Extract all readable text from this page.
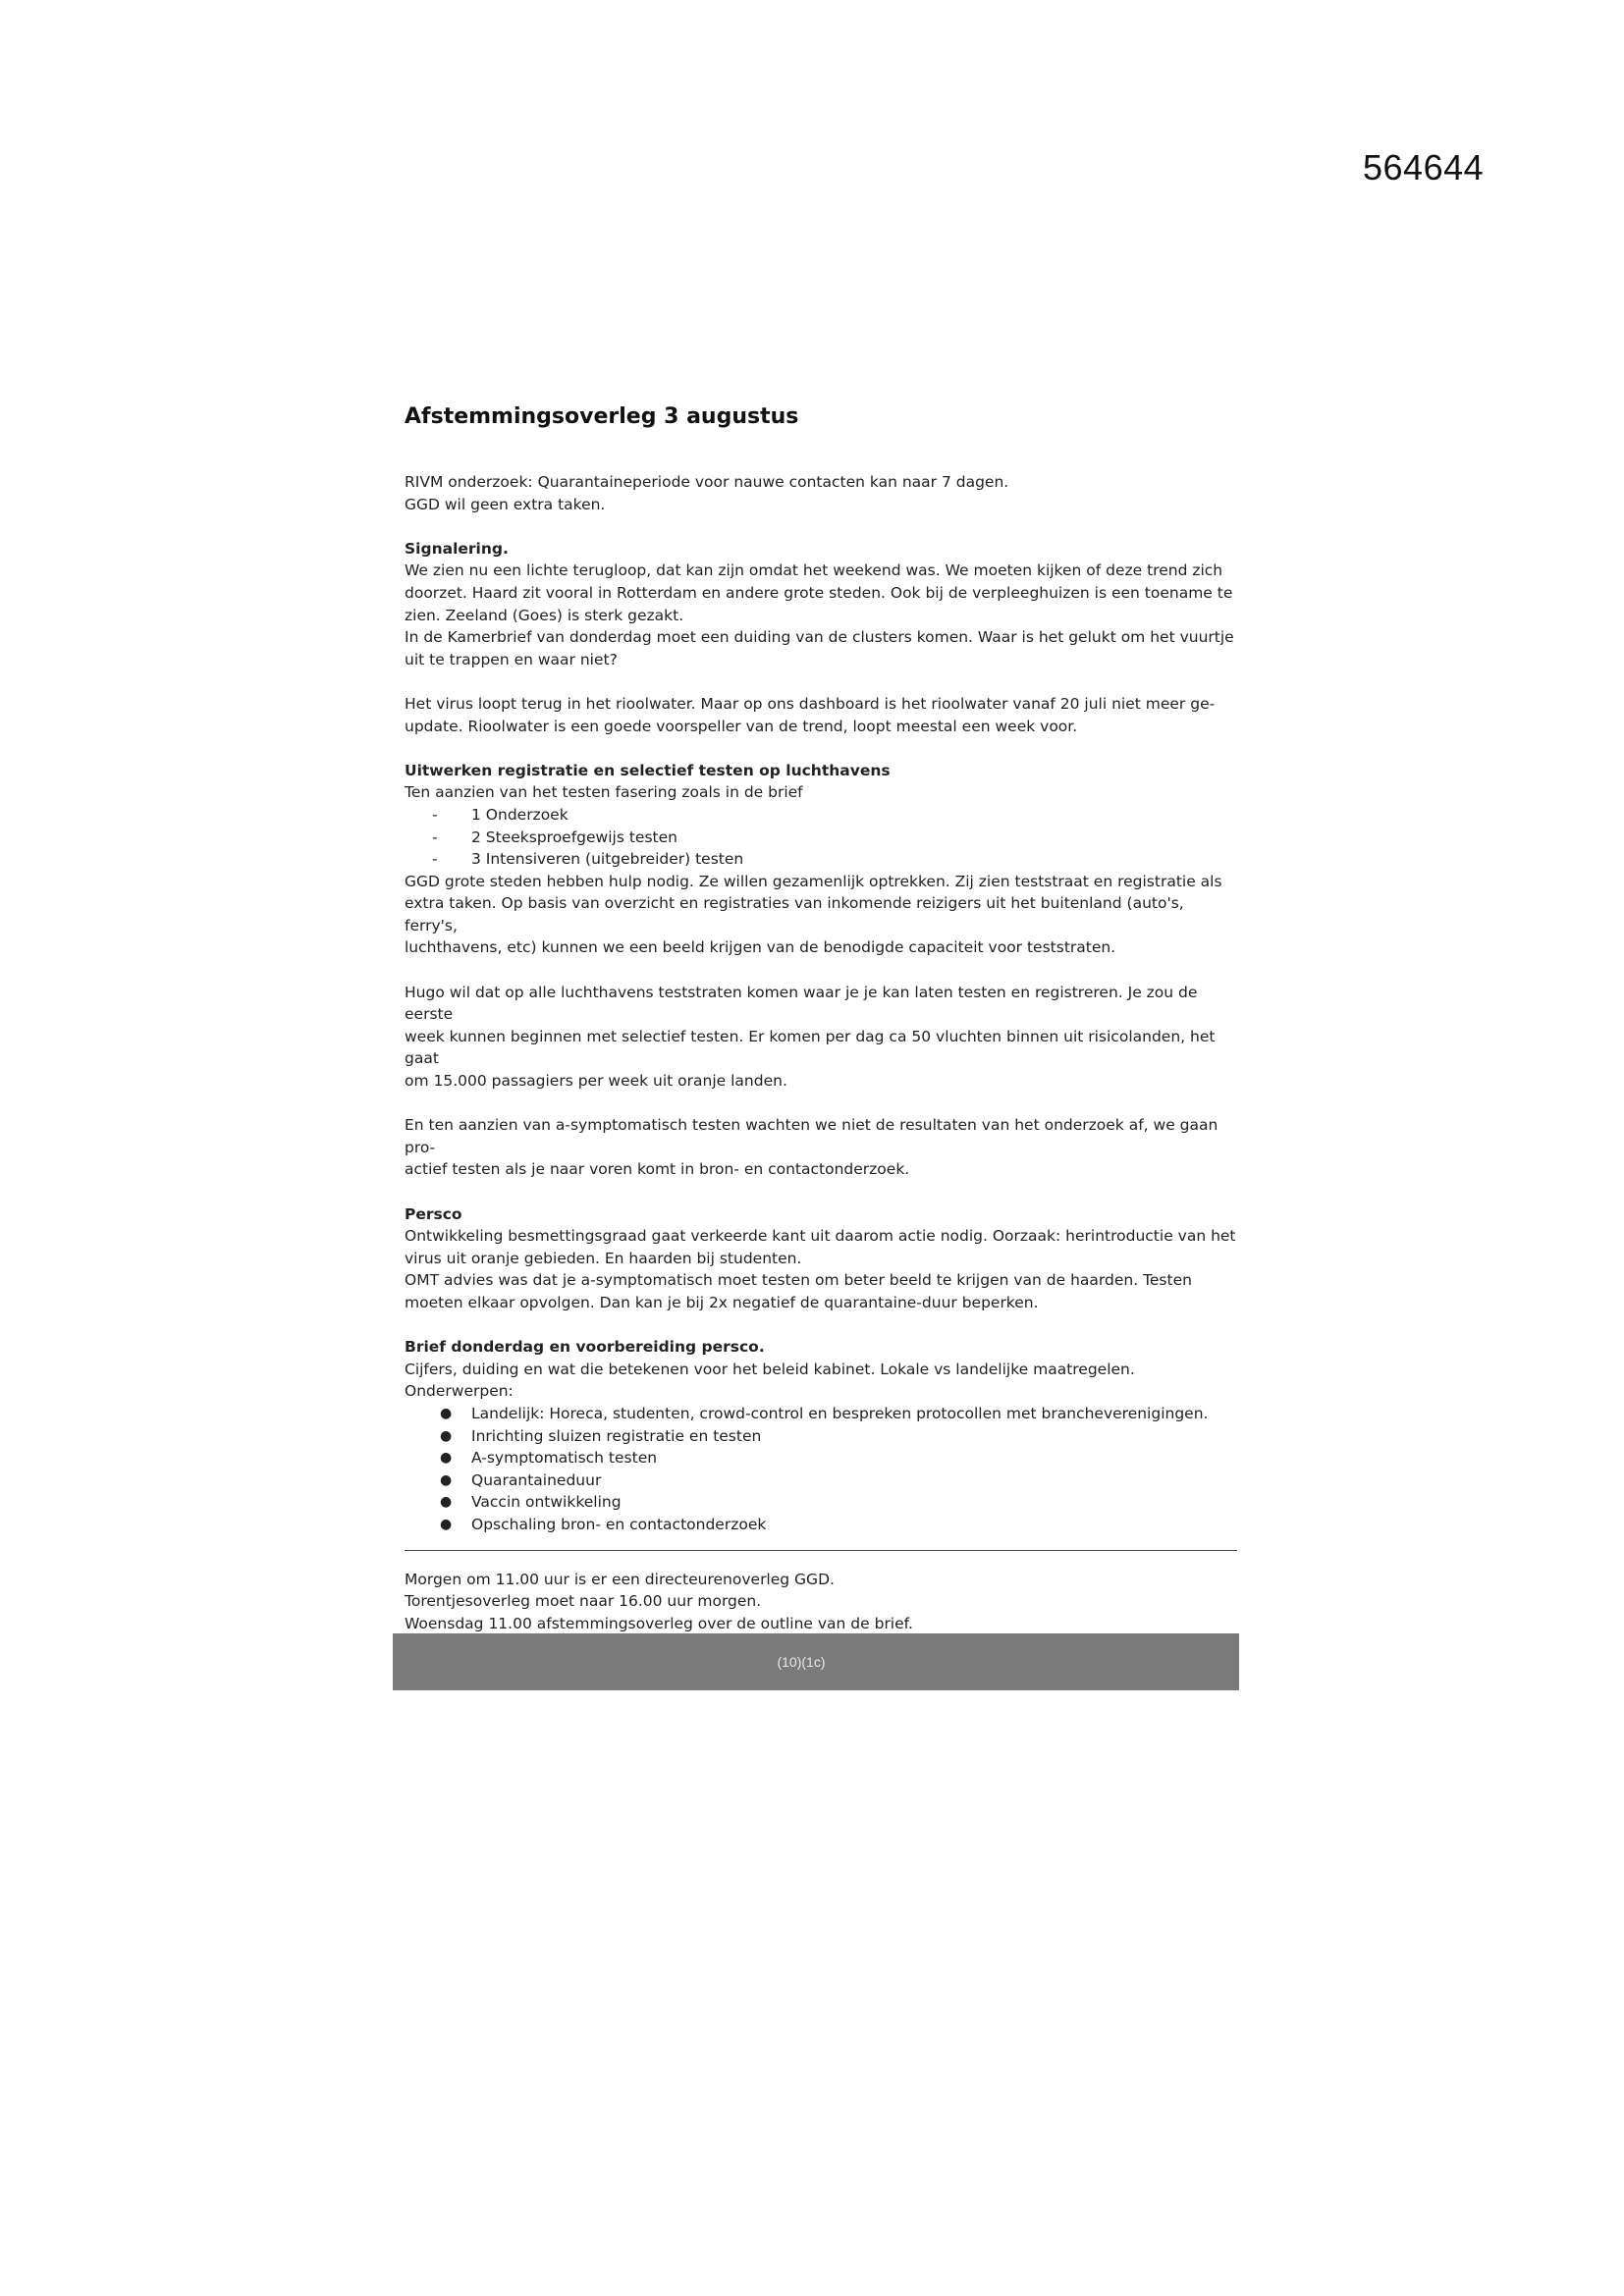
564644
Afstemmingsoverleg 3 augustus

RIVM onderzoek: Quarantaineperiode voor nauwe contacten kan naar 7 dagen.

GGD wil geen extra taken.

Signalering.

We zien nu een lichte terugloop, dat kan zijn omdat het weekend was. We moeten kijken of deze trend zich

doorzet. Haard zit vooral in Rotterdam en andere grote steden. Ook bij de verpleeghuizen is een toename te

zien. Zeeland (Goes) is sterk gezakt.

In de Kamerbrief van donderdag moet een duiding van de clusters komen. Waar is het gelukt om het vuurtje

uit te trappen en waar niet?

Het virus loopt terug in het rioolwater. Maar op ons dashboard is het rioolwater vanaf 20 juli niet meer ge-

update. Rioolwater is een goede voorspeller van de trend, loopt meestal een week voor.

Uitwerken registratie en selectief testen op luchthavens

Ten aanzien van het testen fasering zoals in de brief

- 1 Onderzoek
- 2 Steeksproefgewijs testen
- 3 Intensiveren (uitgebreider) testen

GGD grote steden hebben hulp nodig. Ze willen gezamenlijk optrekken. Zij zien teststraat en registratie als

extra taken. Op basis van overzicht en registraties van inkomende reizigers uit het buitenland (auto's, ferry's,

luchthavens, etc) kunnen we een beeld krijgen van de benodigde capaciteit voor teststraten.

Hugo wil dat op alle luchthavens teststraten komen waar je je kan laten testen en registreren. Je zou de eerste

week kunnen beginnen met selectief testen. Er komen per dag ca 50 vluchten binnen uit risicolanden, het gaat

om 15.000 passagiers per week uit oranje landen.

En ten aanzien van a-symptomatisch testen wachten we niet de resultaten van het onderzoek af, we gaan pro-

actief testen als je naar voren komt in bron- en contactonderzoek.

Persco

Ontwikkeling besmettingsgraad gaat verkeerde kant uit daarom actie nodig. Oorzaak: herintroductie van het

virus uit oranje gebieden. En haarden bij studenten.

OMT advies was dat je a-symptomatisch moet testen om beter beeld te krijgen van de haarden. Testen

moeten elkaar opvolgen. Dan kan je bij 2x negatief de quarantaine-duur beperken.

Brief donderdag en voorbereiding persco.

Cijfers, duiding en wat die betekenen voor het beleid kabinet. Lokale vs landelijke maatregelen.

Onderwerpen:

● Landelijk: Horeca, studenten, crowd-control en bespreken protocollen met brancheverenigingen.
● Inrichting sluizen registratie en testen
● A-symptomatisch testen
● Quarantaineduur
● Vaccin ontwikkeling
● Opschaling bron- en contactonderzoek

Morgen om 11.00 uur is er een directeurenoverleg GGD.

Torentjesoverleg moet naar 16.00 uur morgen.

Woensdag 11.00 afstemmingsoverleg over de outline van de brief.

(10)(1c)
